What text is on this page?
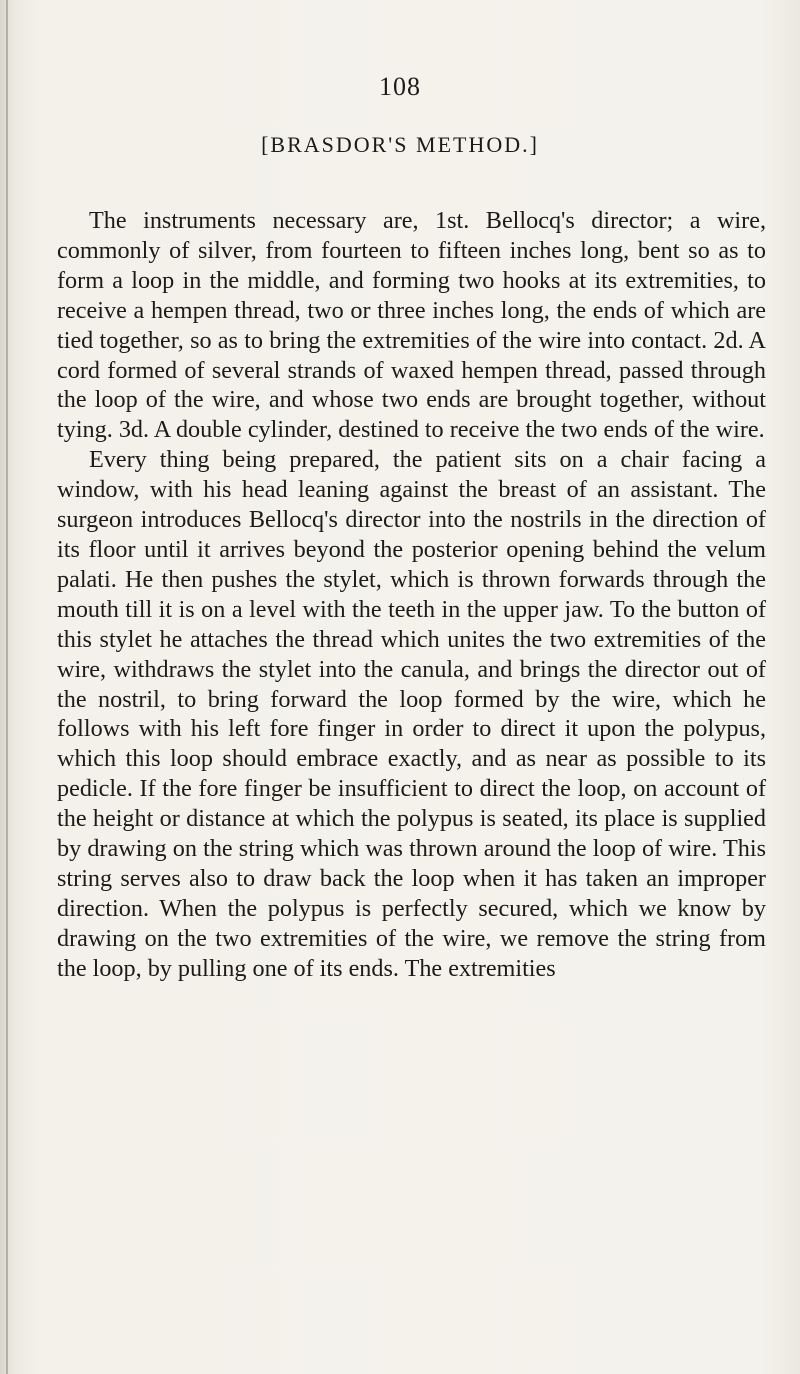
108
[BRASDOR'S METHOD.]

The instruments necessary are, 1st. Bellocq's director; a wire, commonly of silver, from fourteen to fifteen inches long, bent so as to form a loop in the middle, and forming two hooks at its extremities, to receive a hempen thread, two or three inches long, the ends of which are tied together, so as to bring the extremities of the wire into contact. 2d. A cord formed of several strands of waxed hempen thread, passed through the loop of the wire, and whose two ends are brought together, without tying. 3d. A double cylinder, destined to receive the two ends of the wire.

Every thing being prepared, the patient sits on a chair facing a window, with his head leaning against the breast of an assistant. The surgeon introduces Bellocq's director into the nostrils in the direction of its floor until it arrives beyond the posterior opening behind the velum palati. He then pushes the stylet, which is thrown forwards through the mouth till it is on a level with the teeth in the upper jaw. To the button of this stylet he attaches the thread which unites the two extremities of the wire, withdraws the stylet into the canula, and brings the director out of the nostril, to bring forward the loop formed by the wire, which he follows with his left fore finger in order to direct it upon the polypus, which this loop should embrace exactly, and as near as possible to its pedicle. If the fore finger be insufficient to direct the loop, on account of the height or distance at which the polypus is seated, its place is supplied by drawing on the string which was thrown around the loop of wire. This string serves also to draw back the loop when it has taken an improper direction. When the polypus is perfectly secured, which we know by drawing on the two extremities of the wire, we remove the string from the loop, by pulling one of its ends. The extremities
